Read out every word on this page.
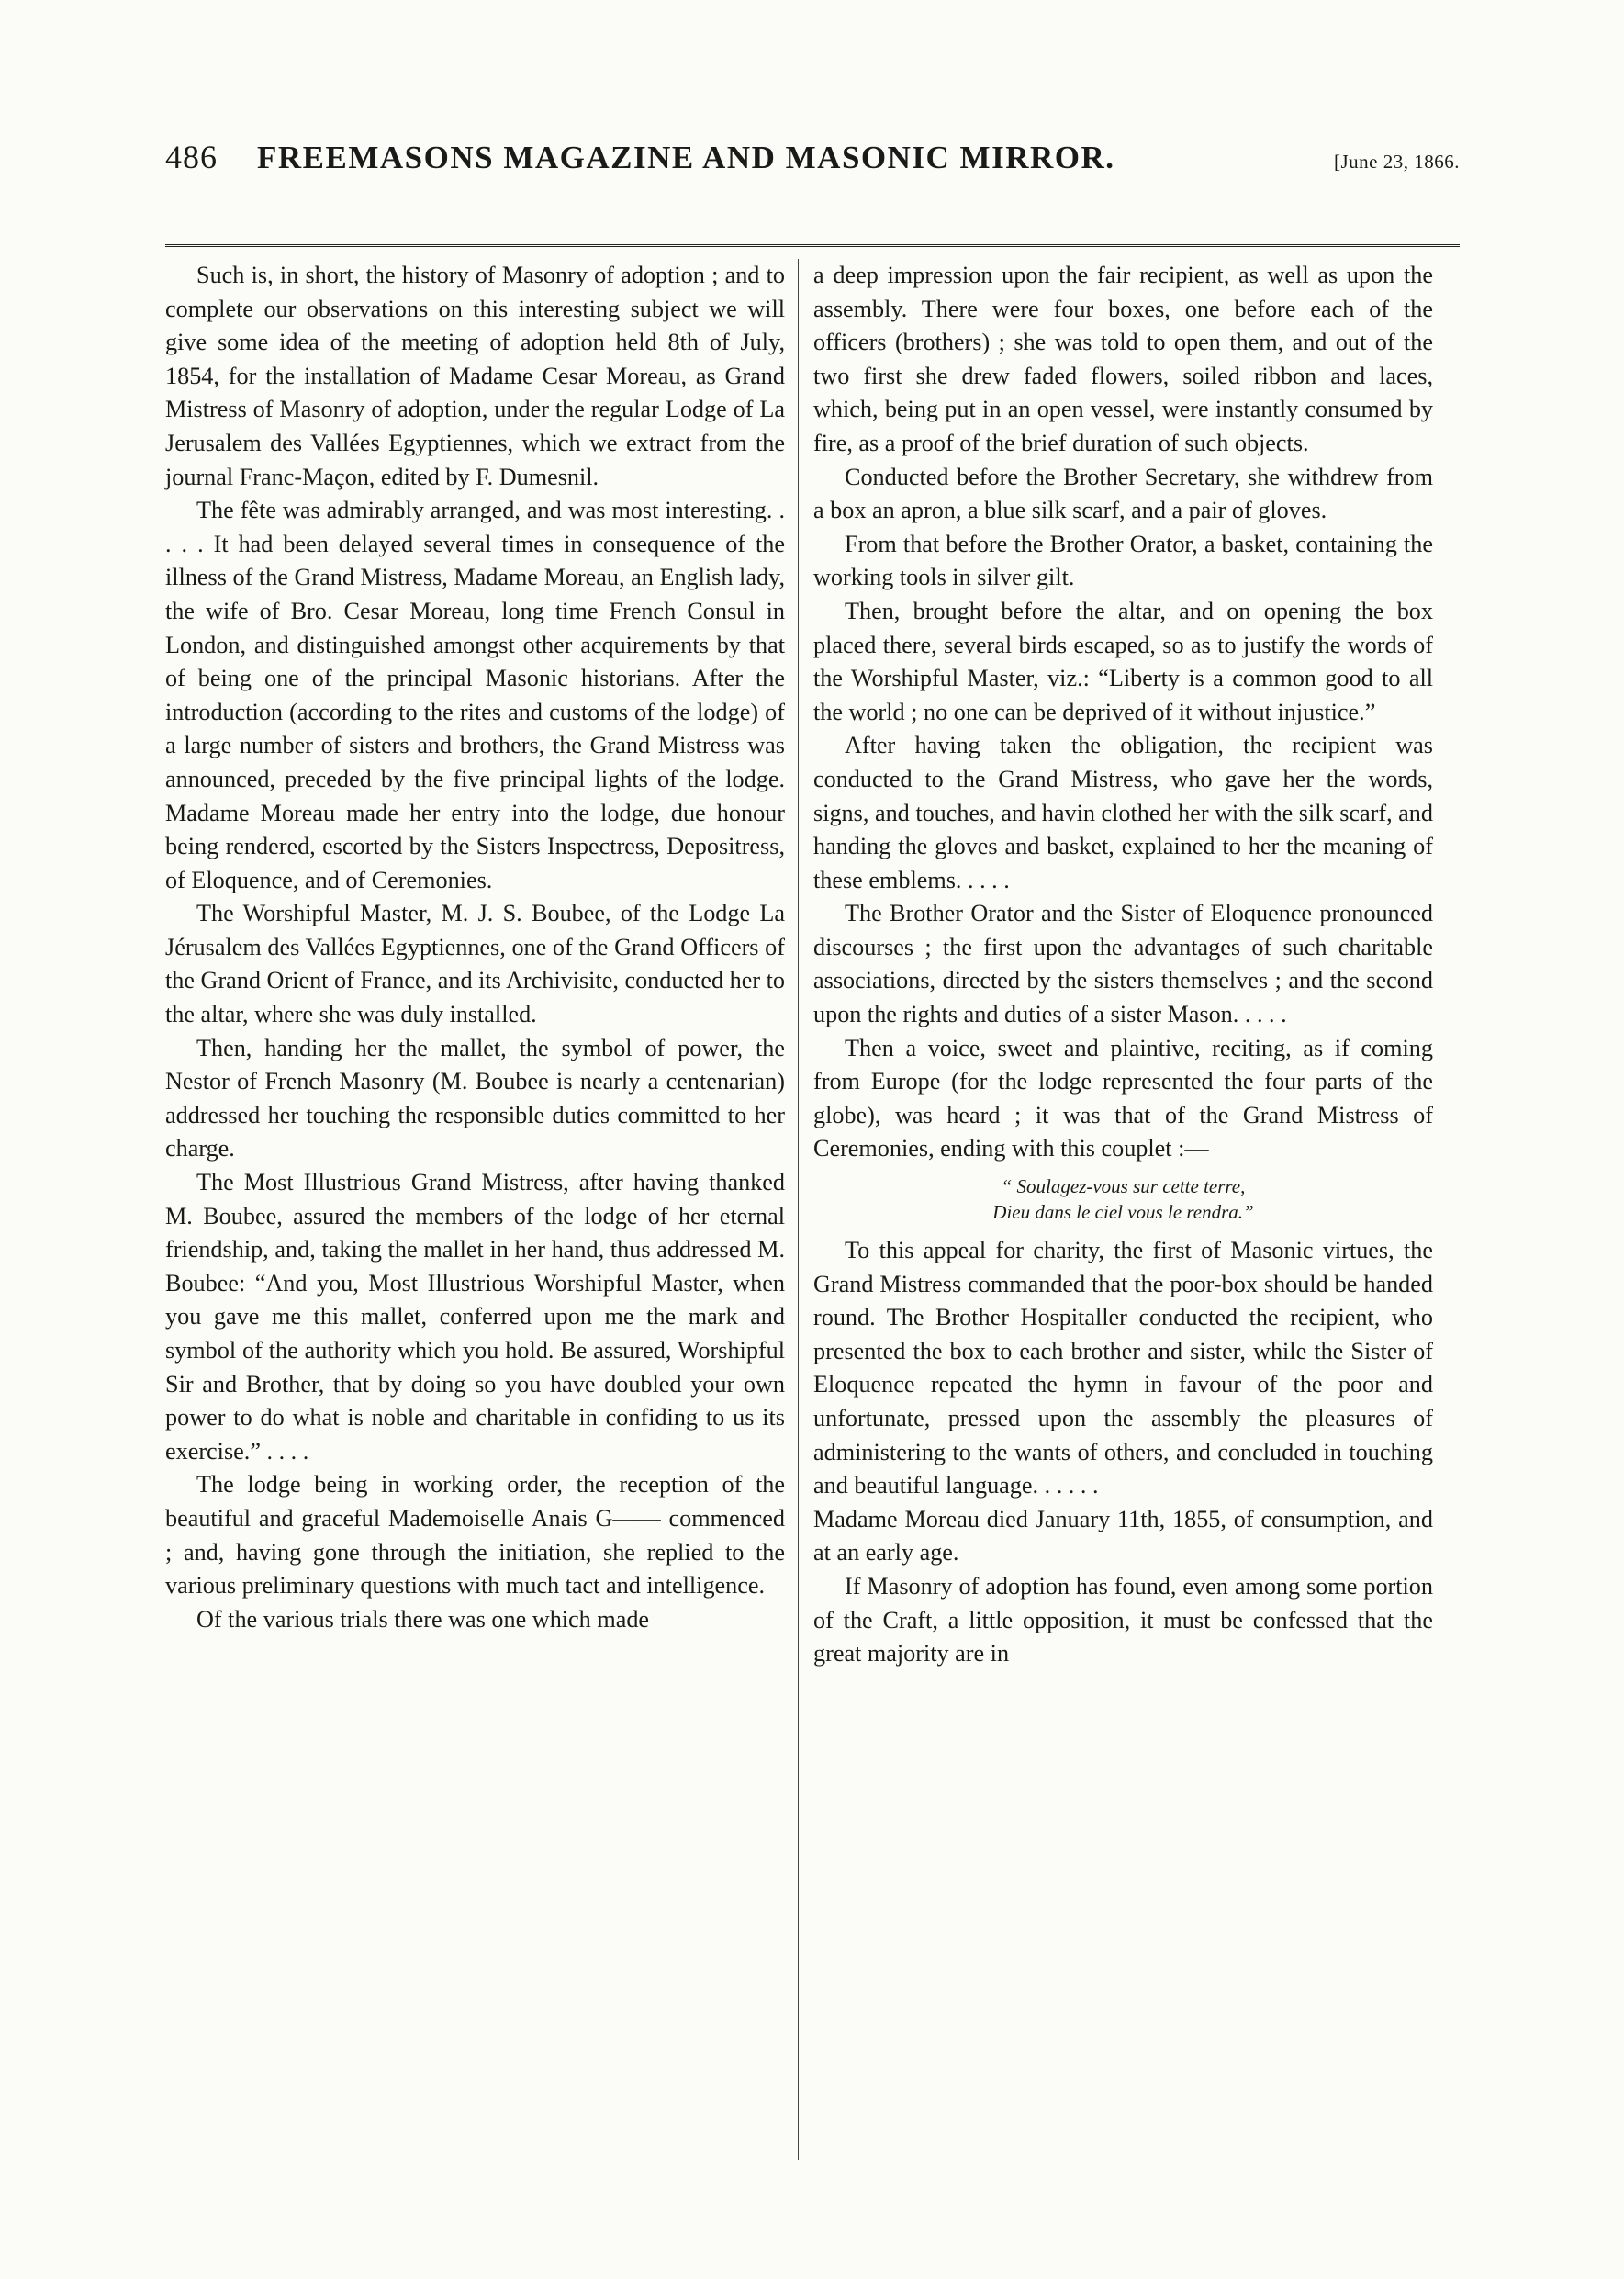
486	FREEMASONS MAGAZINE AND MASONIC MIRROR.	[June 23, 1866.

Such is, in short, the history of Masonry of adoption ; and to complete our observations on this interesting subject we will give some idea of the meeting of adoption held 8th of July, 1854, for the installation of Madame Cesar Moreau, as Grand Mistress of Masonry of adoption, under the regular Lodge of La Jerusalem des Vallées Egyptiennes, which we extract from the journal Franc-Maçon, edited by F. Dumesnil.

The fête was admirably arranged, and was most interesting. . . . . It had been delayed several times in consequence of the illness of the Grand Mistress, Madame Moreau, an English lady, the wife of Bro. Cesar Moreau, long time French Consul in London, and distinguished amongst other acquirements by that of being one of the principal Masonic historians. After the introduction (according to the rites and customs of the lodge) of a large number of sisters and brothers, the Grand Mistress was announced, preceded by the five principal lights of the lodge. Madame Moreau made her entry into the lodge, due honour being rendered, escorted by the Sisters Inspectress, Depositress, of Eloquence, and of Ceremonies.

The Worshipful Master, M. J. S. Boubee, of the Lodge La Jérusalem des Vallées Egyptiennes, one of the Grand Officers of the Grand Orient of France, and its Archivisite, conducted her to the altar, where she was duly installed.

Then, handing her the mallet, the symbol of power, the Nestor of French Masonry (M. Boubee is nearly a centenarian) addressed her touching the responsible duties committed to her charge.

The Most Illustrious Grand Mistress, after having thanked M. Boubee, assured the members of the lodge of her eternal friendship, and, taking the mallet in her hand, thus addressed M. Boubee: “And you, Most Illustrious Worshipful Master, when you gave me this mallet, conferred upon me the mark and symbol of the authority which you hold. Be assured, Worshipful Sir and Brother, that by doing so you have doubled your own power to do what is noble and charitable in confiding to us its exercise.” . . . .

The lodge being in working order, the reception of the beautiful and graceful Mademoiselle Anais G—— commenced ; and, having gone through the initiation, she replied to the various preliminary questions with much tact and intelligence.

Of the various trials there was one which made

a deep impression upon the fair recipient, as well as upon the assembly. There were four boxes, one before each of the officers (brothers) ; she was told to open them, and out of the two first she drew faded flowers, soiled ribbon and laces, which, being put in an open vessel, were instantly consumed by fire, as a proof of the brief duration of such objects.

Conducted before the Brother Secretary, she withdrew from a box an apron, a blue silk scarf, and a pair of gloves.

From that before the Brother Orator, a basket, containing the working tools in silver gilt.

Then, brought before the altar, and on opening the box placed there, several birds escaped, so as to justify the words of the Worshipful Master, viz.: “Liberty is a common good to all the world ; no one can be deprived of it without injustice.”

After having taken the obligation, the recipient was conducted to the Grand Mistress, who gave her the words, signs, and touches, and havin clothed her with the silk scarf, and handing the gloves and basket, explained to her the meaning of these emblems. . . . .

The Brother Orator and the Sister of Eloquence pronounced discourses ; the first upon the advantages of such charitable associations, directed by the sisters themselves ; and the second upon the rights and duties of a sister Mason. . . . .

Then a voice, sweet and plaintive, reciting, as if coming from Europe (for the lodge represented the four parts of the globe), was heard ; it was that of the Grand Mistress of Ceremonies, ending with this couplet :—

“ Soulagez-vous sur cette terre,
Dieu dans le ciel vous le rendra.”

To this appeal for charity, the first of Masonic virtues, the Grand Mistress commanded that the poor-box should be handed round. The Brother Hospitaller conducted the recipient, who presented the box to each brother and sister, while the Sister of Eloquence repeated the hymn in favour of the poor and unfortunate, pressed upon the assembly the pleasures of administering to the wants of others, and concluded in touching and beautiful language. . . . . .

Madame Moreau died January 11th, 1855, of consumption, and at an early age.

If Masonry of adoption has found, even among some portion of the Craft, a little opposition, it must be confessed that the great majority are in
